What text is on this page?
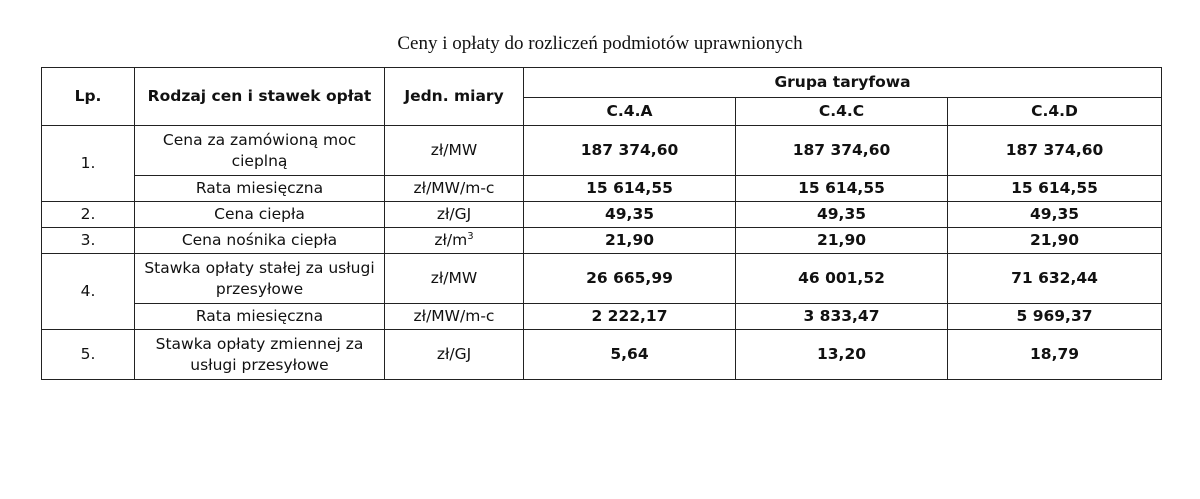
Ceny i opłaty do rozliczeń podmiotów uprawnionych
Lp.	Rodzaj cen i stawek opłat	Jedn. miary	Grupa taryfowa		
			C.4.A	C.4.C	C.4.D
1.	Cena za zamówioną moc cieplną	zł/MW	187 374,60	187 374,60	187 374,60
	Rata miesięczna	zł/MW/m-c	15 614,55	15 614,55	15 614,55
2.	Cena ciepła	zł/GJ	49,35	49,35	49,35
3.	Cena nośnika ciepła	$zł/m^3$	21,90	21,90	21,90
4.	Stawka opłaty stałej za usługi przesyłowe	zł/MW	26 665,99	46 001,52	71 632,44
	Rata miesięczna	zł/MW/m-c	2 222,17	3 833,47	5 969,37
5.	Stawka opłaty zmiennej za usługi przesyłowe	zł/GJ	5,64	13,20	18,79
